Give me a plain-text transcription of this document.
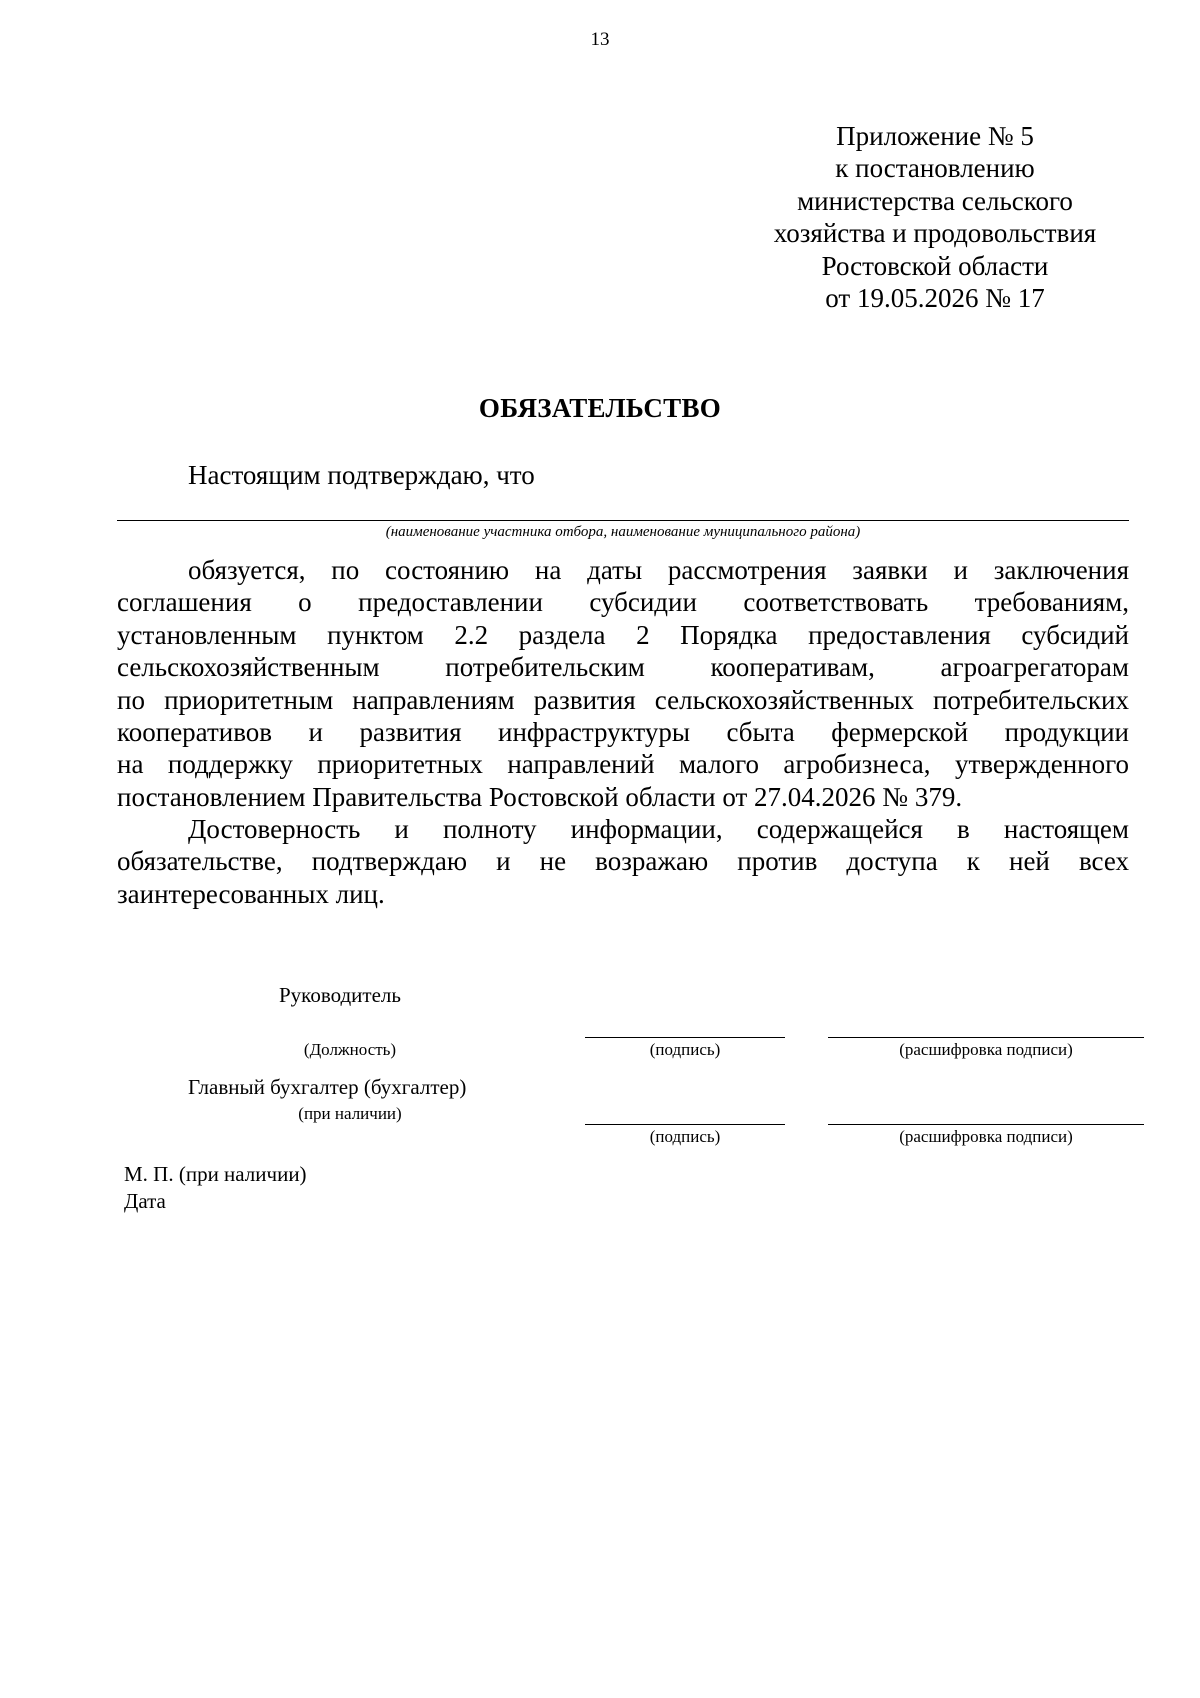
13
Приложение № 5
к постановлению
министерства сельского
хозяйства и продовольствия
Ростовской области
от 19.05.2026 № 17
ОБЯЗАТЕЛЬСТВО
Настоящим подтверждаю, что
(наименование участника отбора, наименование муниципального района)
обязуется, по состоянию на даты рассмотрения заявки и заключения
соглашения о предоставлении субсидии соответствовать требованиям,
установленным пунктом 2.2 раздела 2 Порядка предоставления субсидий
сельскохозяйственным потребительским кооперативам, агроагрегаторам
по приоритетным направлениям развития сельскохозяйственных потребительских
кооперативов и развития инфраструктуры сбыта фермерской продукции
на поддержку приоритетных направлений малого агробизнеса, утвержденного
постановлением Правительства Ростовской области от 27.04.2026 № 379.
Достоверность и полноту информации, содержащейся в настоящем
обязательстве, подтверждаю и не возражаю против доступа к ней всех
заинтересованных лиц.
Руководитель
(Должность)	(подпись)	(расшифровка подписи)
Главный бухгалтер (бухгалтер)
(при наличии)
(подпись)	(расшифровка подписи)
М. П. (при наличии)
Дата
